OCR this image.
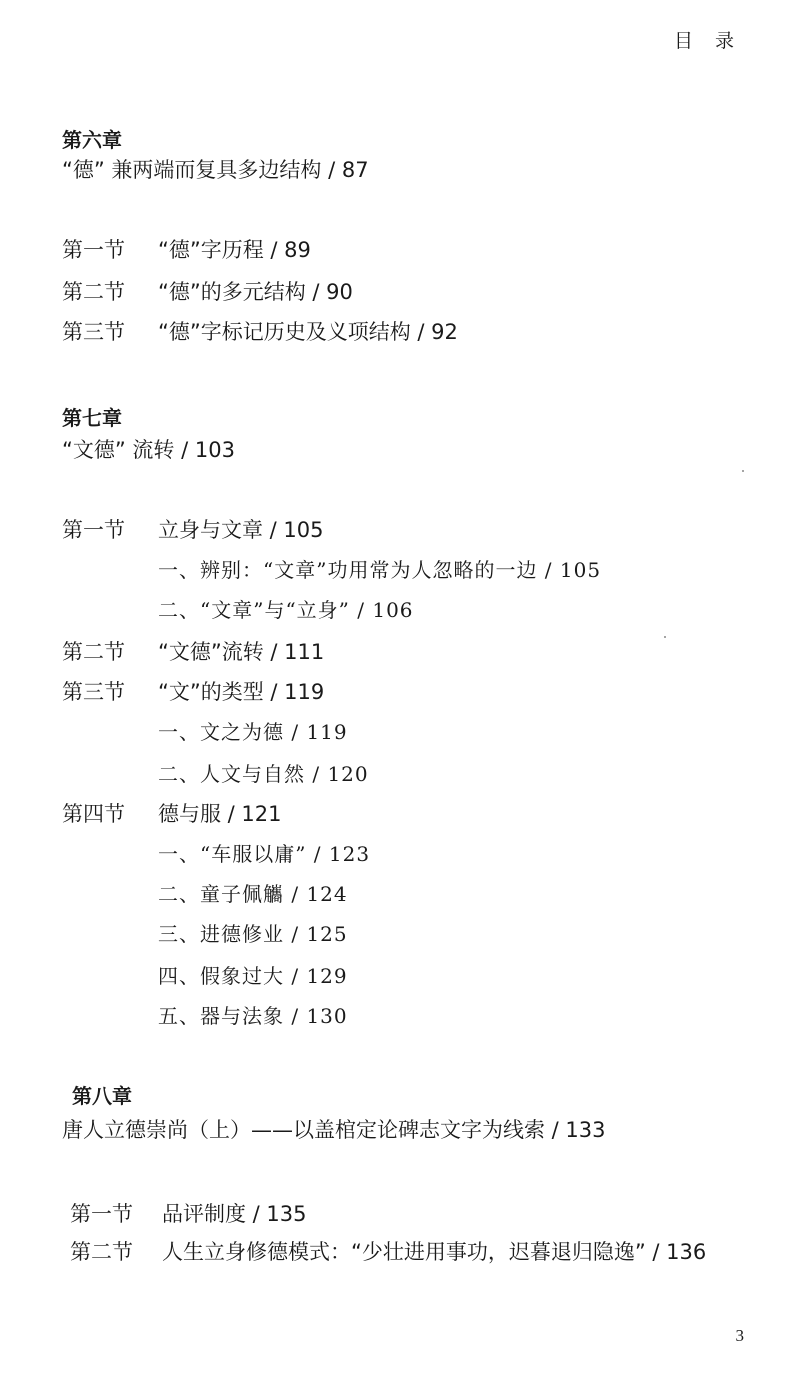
目 录
第六章
“德” 兼两端而复具多边结构 / 87
第一节 “德”字历程 / 89
第二节 “德”的多元结构 / 90
第三节 “德”字标记历史及义项结构 / 92
第七章
“文德” 流转 / 103
第一节 立身与文章 / 105
一、辨别：“文章”功用常为人忽略的一边 / 105
二、“文章”与“立身” / 106
第二节 “文德”流转 / 111
第三节 “文”的类型 / 119
一、文之为德 / 119
二、人文与自然 / 120
第四节 德与服 / 121
一、“车服以庸” / 123
二、童子佩觿 / 124
三、进德修业 / 125
四、假象过大 / 129
五、器与法象 / 130
第八章
唐人立德崇尚（上）——以盖棺定论碑志文字为线索 / 133
第一节 品评制度 / 135
第二节 人生立身修德模式：“少壮进用事功，迟暮退归隐逸” / 136
3
